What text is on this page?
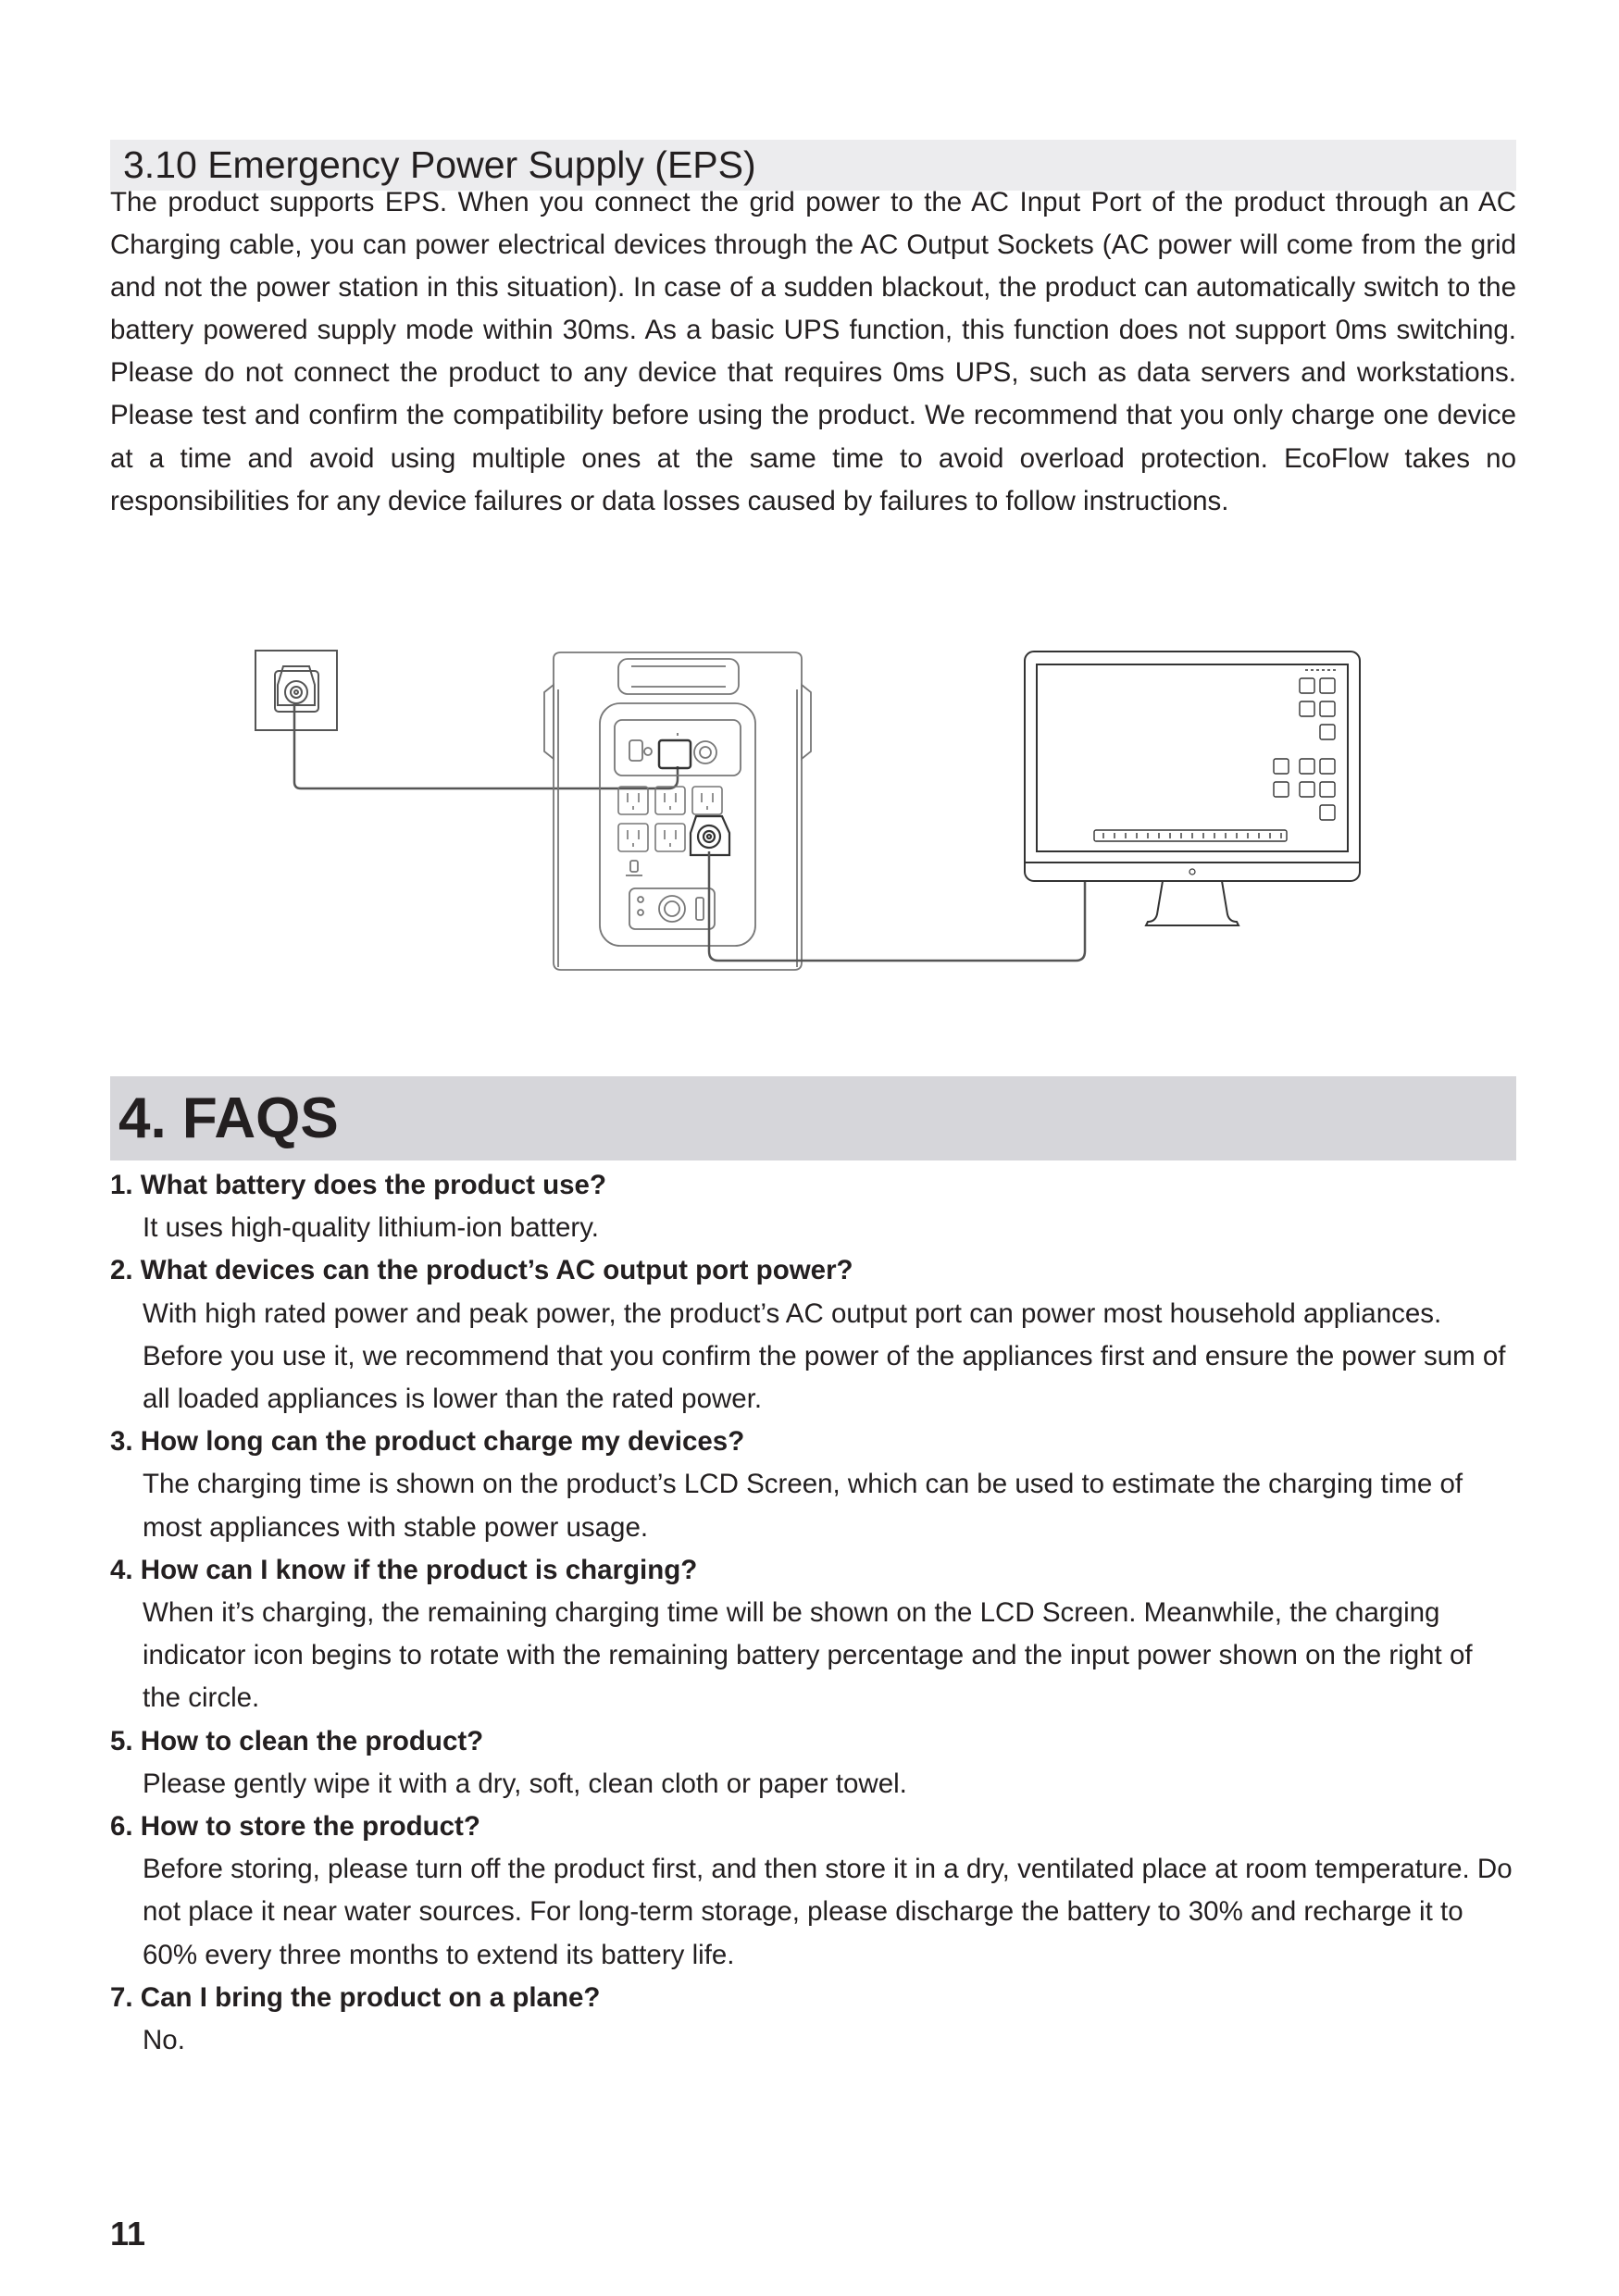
3.10 Emergency Power Supply (EPS)

The product supports EPS. When you connect the grid power to the AC Input Port of the product through an AC Charging cable, you can power electrical devices through the AC Output Sockets (AC power will come from the grid and not the power station in this situation). In case of a sudden blackout, the product can automatically switch to the battery powered supply mode within 30ms. As a basic UPS function, this function does not support 0ms switching. Please do not connect the product to any device that requires 0ms UPS, such as data servers and workstations. Please test and confirm the compatibility before using the product. We recommend that you only charge one device at a time and avoid using multiple ones at the same time to avoid overload protection. EcoFlow takes no responsibilities for any device failures or data losses caused by failures to follow instructions.

4. FAQS
1. What battery does the product use?
It uses high-quality lithium-ion battery.
2. What devices can the product’s AC output port power?
With high rated power and peak power, the product’s AC output port can power most household appliances. Before you use it, we recommend that you confirm the power of the appliances first and ensure the power sum of all loaded appliances is lower than the rated power.
3. How long can the product charge my devices?
The charging time is shown on the product’s LCD Screen, which can be used to estimate the charging time of most appliances with stable power usage.
4. How can I know if the product is charging?
When it’s charging, the remaining charging time will be shown on the LCD Screen. Meanwhile, the charging indicator icon begins to rotate with the remaining battery percentage and the input power shown on the right of the circle.
5. How to clean the product?
Please gently wipe it with a dry, soft, clean cloth or paper towel.
6. How to store the product?
Before storing, please turn off the product first, and then store it in a dry, ventilated place at room temperature. Do not place it near water sources. For long-term storage, please discharge the battery to 30% and recharge it to 60% every three months to extend its battery life.
7. Can I bring the product on a plane?
No.
11
